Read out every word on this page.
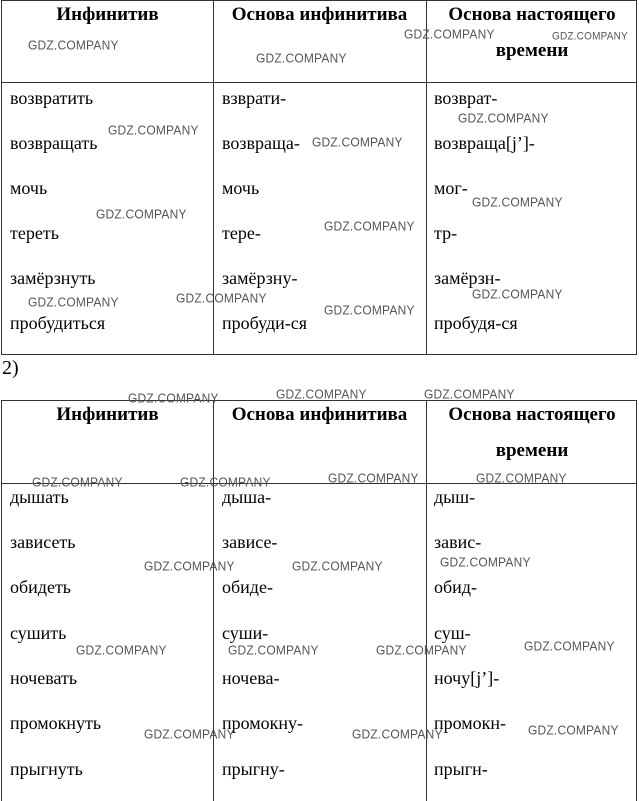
Инфинитив	Основа инфинитива	Основа настоящего
времени
возвратить	взврати-	возврат-
возвращать	возвраща-	возвраща[j’]-
мочь	мочь	мог-
тереть	тере-	тр-
замёрзнуть	замёрзну-	замёрзн-
пробудиться	пробуди-ся	пробудя-ся
2)
Инфинитив	Основа инфинитива	Основа настоящего
времени
дышать	дыша-	дыш-
зависеть	зависе-	завис-
обидеть	обиде-	обид-
сушить	суши-	суш-
ночевать	ночева-	ночу[j’]-
промокнуть	промокну-	промокн-
прыгнуть	прыгну-	прыгн-
GDZ.COMPANY
GDZ.COMPANY
GDZ.COMPANY	GDZ.COMPANY
GDZ.COMPANY
GDZ.COMPANY
GDZ.COMPANY
GDZ.COMPANY
GDZ.COMPANY
GDZ.COMPANY
GDZ.COMPANY
GDZ.COMPANY
GDZ.COMPANY
GDZ.COMPANY
GDZ.COMPANY	GDZ.COMPANY	GDZ.COMPANY
GDZ.COMPANY	GDZ.COMPANY	GDZ.COMPANY	GDZ.COMPANY
GDZ.COMPANY	GDZ.COMPANY	GDZ.COMPANY
GDZ.COMPANY	GDZ.COMPANY	GDZ.COMPANY	GDZ.COMPANY
GDZ.COMPANY	GDZ.COMPANY	GDZ.COMPANY
